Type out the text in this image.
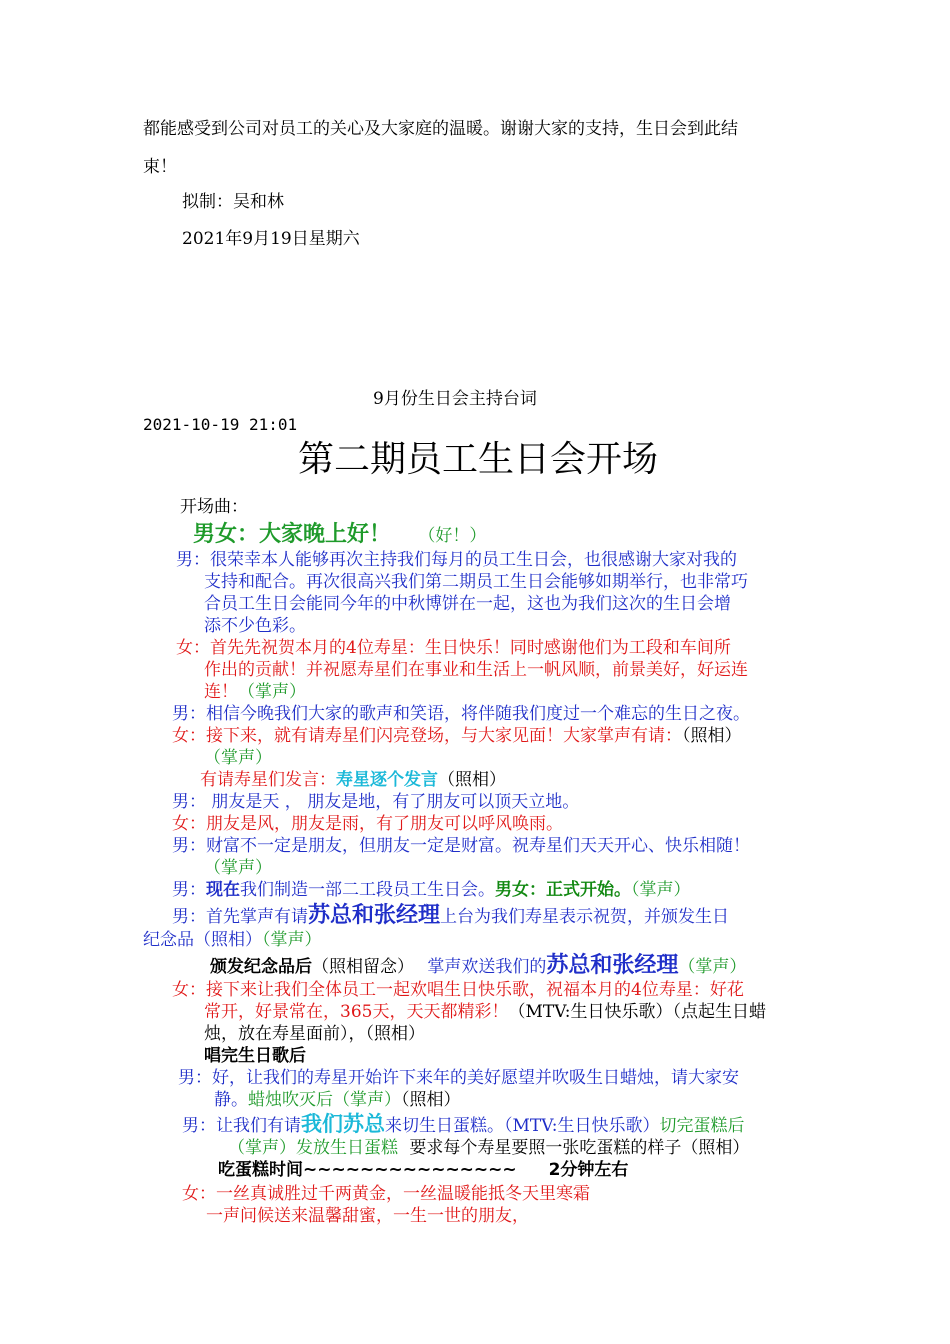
都能感受到公司对员工的关心及大家庭的温暖。谢谢大家的支持，生日会到此结
束！
拟制：吴和林
2021年9月19日星期六
9月份生日会主持台词
2021-10-19 21:01
第二期员工生日会开场
开场曲：
男女：大家晚上好！ （好！）
男：很荣幸本人能够再次主持我们每月的员工生日会，也很感谢大家对我的
支持和配合。再次很高兴我们第二期员工生日会能够如期举行，也非常巧
合员工生日会能同今年的中秋博饼在一起，这也为我们这次的生日会增
添不少色彩。
女：首先先祝贺本月的4位寿星：生日快乐！同时感谢他们为工段和车间所
作出的贡献！并祝愿寿星们在事业和生活上一帆风顺，前景美好，好运连
连！（掌声）
男：相信今晚我们大家的歌声和笑语，将伴随我们度过一个难忘的生日之夜。
女：接下来，就有请寿星们闪亮登场，与大家见面！大家掌声有请：（照相）
（掌声）
有请寿星们发言：寿星逐个发言（照相）
男： 朋友是天 ， 朋友是地，有了朋友可以顶天立地。
女：朋友是风，朋友是雨，有了朋友可以呼风唤雨。
男：财富不一定是朋友，但朋友一定是财富。祝寿星们天天开心、快乐相随！
（掌声）
男：现在我们制造一部二工段员工生日会。男女：正式开始。（掌声）
男：首先掌声有请苏总和张经理上台为我们寿星表示祝贺，并颁发生日
纪念品（照相）（掌声）
颁发纪念品后（照相留念） 掌声欢送我们的苏总和张经理（掌声）
女：接下来让我们全体员工一起欢唱生日快乐歌，祝福本月的4位寿星：好花
常开，好景常在，365天，天天都精彩！（MTV:生日快乐歌）（点起生日蜡
烛，放在寿星面前），（照相）
唱完生日歌后
男：好，让我们的寿星开始许下来年的美好愿望并吹吸生日蜡烛，请大家安
静。蜡烛吹灭后（掌声）（照相）
男：让我们有请我们苏总来切生日蛋糕。（MTV:生日快乐歌）切完蛋糕后
（掌声）发放生日蛋糕 要求每个寿星要照一张吃蛋糕的样子（照相）
吃蛋糕时间~~~~~~~~~~~~~~~ 2分钟左右
女：一丝真诚胜过千两黄金，一丝温暖能抵冬天里寒霜
一声问候送来温馨甜蜜，一生一世的朋友，
